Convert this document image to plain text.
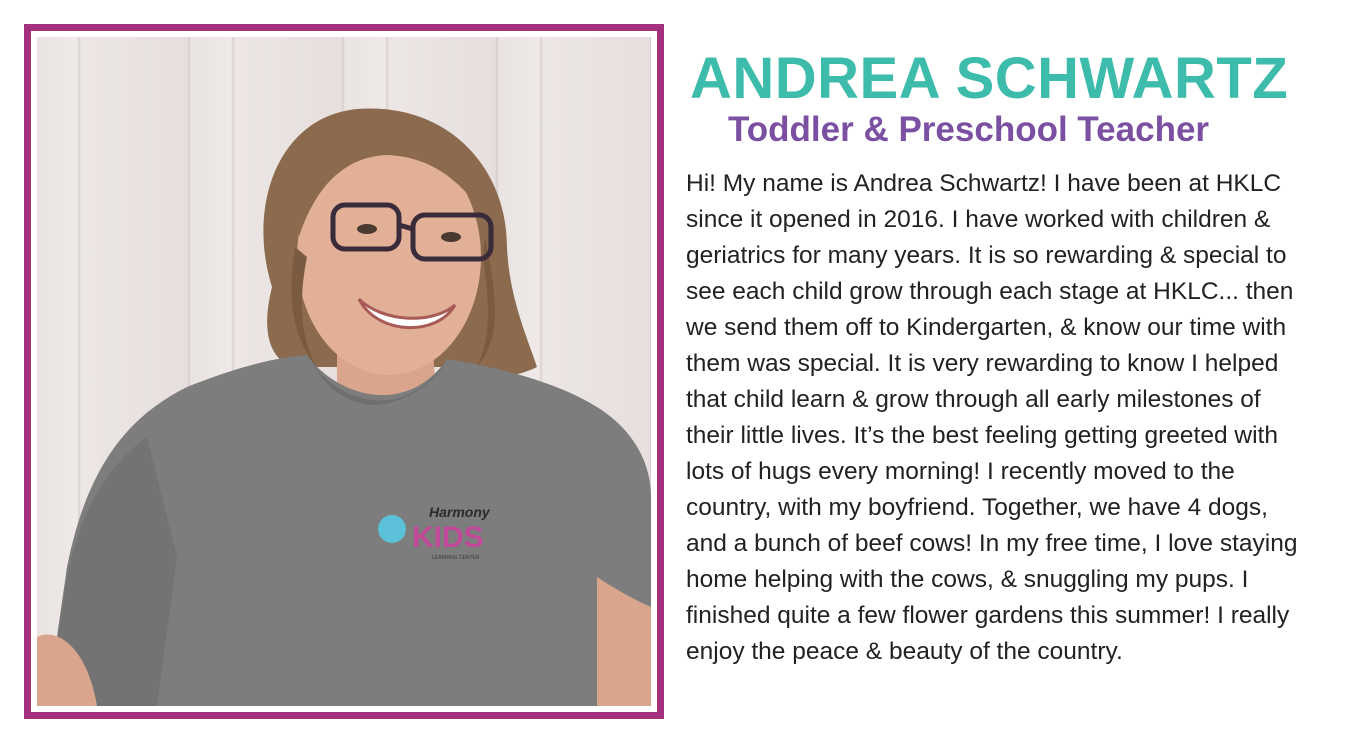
Harmony
KIDS
LEARNING CENTER
ANDREA SCHWARTZ
Toddler & Preschool Teacher

Hi! My name is Andrea Schwartz! I have been at HKLC since it opened in 2016. I have worked with children & geriatrics for many years. It is so rewarding & special to see each child grow through each stage at HKLC... then we send them off to Kindergarten, & know our time with them was special. It is very rewarding to know I helped that child learn & grow through all early milestones of their little lives. It’s the best feeling getting greeted with lots of hugs every morning! I recently moved to the country, with my boyfriend. Together, we have 4 dogs, and a bunch of beef cows! In my free time, I love staying home helping with the cows, & snuggling my pups. I finished quite a few flower gardens this summer! I really enjoy the peace & beauty of the country.
